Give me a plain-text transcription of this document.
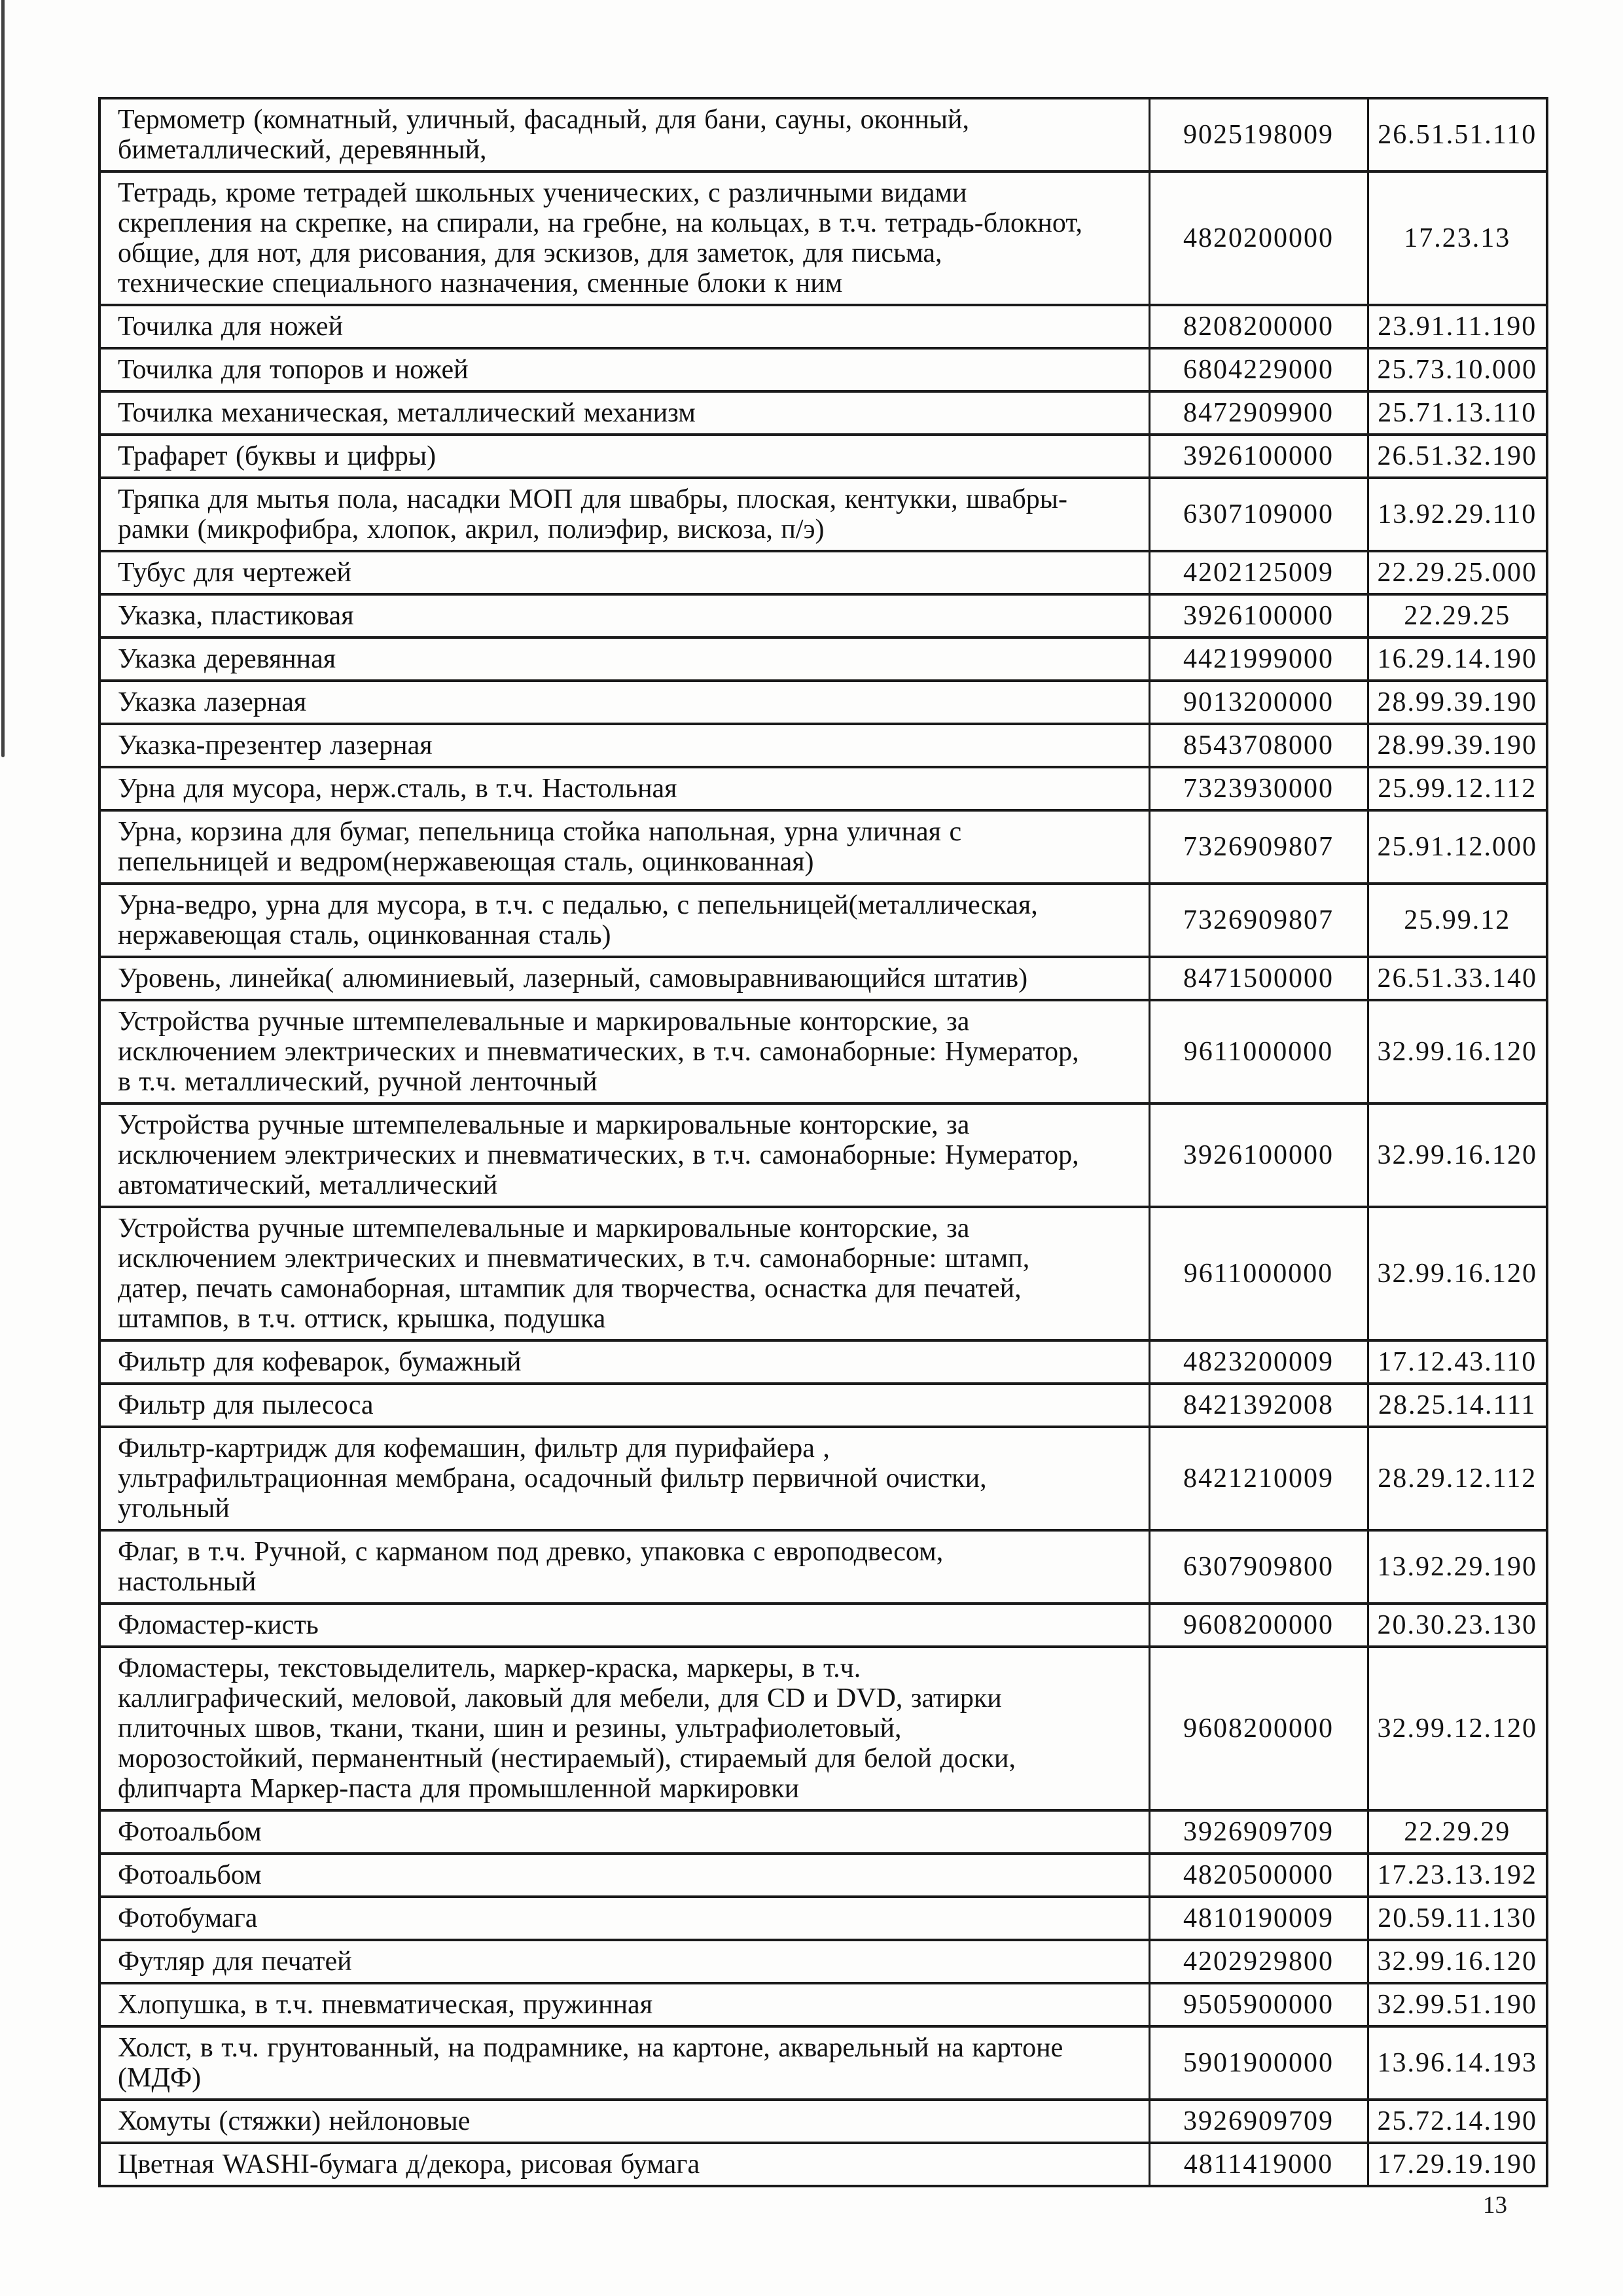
Термометр (комнатный, уличный, фасадный, для бани, сауны, оконный, биметаллический, деревянный,	9025198009	26.51.51.110
Тетрадь, кроме тетрадей школьных ученических, с различными видами скрепления на скрепке, на спирали, на гребне, на кольцах, в т.ч. тетрадь-блокнот, общие, для нот, для рисования, для эскизов, для заметок, для письма, технические специального назначения, сменные блоки к ним	4820200000	17.23.13
Точилка для ножей	8208200000	23.91.11.190
Точилка для топоров и ножей	6804229000	25.73.10.000
Точилка механическая, металлический механизм	8472909900	25.71.13.110
Трафарет (буквы и цифры)	3926100000	26.51.32.190
Тряпка для мытья пола, насадки МОП для швабры, плоская, кентукки, швабры-рамки (микрофибра, хлопок, акрил, полиэфир, вискоза, п/э)	6307109000	13.92.29.110
Тубус для чертежей	4202125009	22.29.25.000
Указка, пластиковая	3926100000	22.29.25
Указка деревянная	4421999000	16.29.14.190
Указка лазерная	9013200000	28.99.39.190
Указка-презентер лазерная	8543708000	28.99.39.190
Урна для мусора, нерж.сталь, в т.ч. Настольная	7323930000	25.99.12.112
Урна, корзина для бумаг, пепельница стойка напольная, урна уличная с пепельницей и ведром(нержавеющая сталь, оцинкованная)	7326909807	25.91.12.000
Урна-ведро, урна для мусора, в т.ч. с педалью, с пепельницей(металлическая, нержавеющая сталь, оцинкованная сталь)	7326909807	25.99.12
Уровень, линейка( алюминиевый, лазерный, самовыравнивающийся штатив)	8471500000	26.51.33.140
Устройства ручные штемпелевальные и маркировальные конторские, за исключением электрических и пневматических, в т.ч. самонаборные: Нумератор, в т.ч. металлический, ручной ленточный	9611000000	32.99.16.120
Устройства ручные штемпелевальные и маркировальные конторские, за исключением электрических и пневматических, в т.ч. самонаборные: Нумератор, автоматический, металлический	3926100000	32.99.16.120
Устройства ручные штемпелевальные и маркировальные конторские, за исключением электрических и пневматических, в т.ч. самонаборные: штамп, датер, печать самонаборная, штампик для творчества, оснастка для печатей, штампов, в т.ч. оттиск, крышка, подушка	9611000000	32.99.16.120
Фильтр для кофеварок, бумажный	4823200009	17.12.43.110
Фильтр для пылесоса	8421392008	28.25.14.111
Фильтр-картридж для кофемашин, фильтр для пурифайера , ультрафильтрационная мембрана, осадочный фильтр первичной очистки, угольный	8421210009	28.29.12.112
Флаг, в т.ч. Ручной, с карманом под древко, упаковка с европодвесом, настольный	6307909800	13.92.29.190
Фломастер-кисть	9608200000	20.30.23.130
Фломастеры, текстовыделитель, маркер-краска, маркеры, в т.ч. каллиграфический, меловой, лаковый для мебели, для CD и DVD, затирки плиточных швов, ткани, ткани, шин и резины, ультрафиолетовый, морозостойкий, перманентный (нестираемый), стираемый для белой доски, флипчарта Маркер-паста для промышленной маркировки	9608200000	32.99.12.120
Фотоальбом	3926909709	22.29.29
Фотоальбом	4820500000	17.23.13.192
Фотобумага	4810190009	20.59.11.130
Футляр для печатей	4202929800	32.99.16.120
Хлопушка, в т.ч. пневматическая, пружинная	9505900000	32.99.51.190
Холст, в т.ч. грунтованный, на подрамнике, на картоне, акварельный на картоне (МДФ)	5901900000	13.96.14.193
Хомуты (стяжки) нейлоновые	3926909709	25.72.14.190
Цветная WASHI-бумага д/декора, рисовая бумага	4811419000	17.29.19.190
13
